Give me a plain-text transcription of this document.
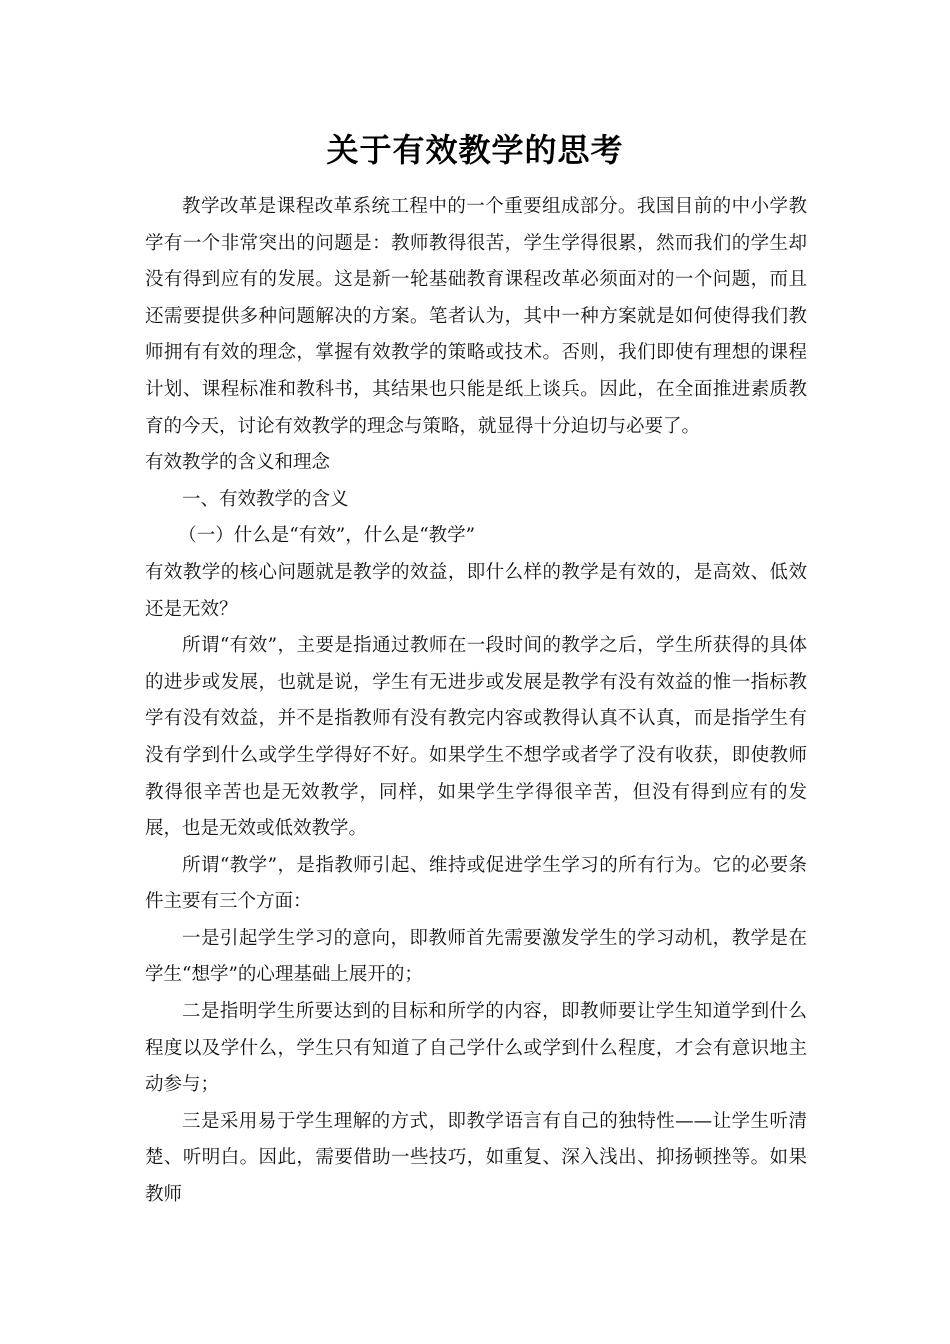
关于有效教学的思考

教学改革是课程改革系统工程中的一个重要组成部分。我国目前的中小学教学有一个非常突出的问题是：教师教得很苦，学生学得很累，然而我们的学生却没有得到应有的发展。这是新一轮基础教育课程改革必须面对的一个问题，而且还需要提供多种问题解决的方案。笔者认为，其中一种方案就是如何使得我们教师拥有有效的理念，掌握有效教学的策略或技术。否则，我们即使有理想的课程计划、课程标准和教科书，其结果也只能是纸上谈兵。因此，在全面推进素质教育的今天，讨论有效教学的理念与策略，就显得十分迫切与必要了。

有效教学的含义和理念

一、有效教学的含义

（一）什么是“有效”，什么是“教学”

有效教学的核心问题就是教学的效益，即什么样的教学是有效的，是高效、低效还是无效？

所谓“有效”，主要是指通过教师在一段时间的教学之后，学生所获得的具体的进步或发展，也就是说，学生有无进步或发展是教学有没有效益的惟一指标教学有没有效益，并不是指教师有没有教完内容或教得认真不认真，而是指学生有没有学到什么或学生学得好不好。如果学生不想学或者学了没有收获，即使教师教得很辛苦也是无效教学，同样，如果学生学得很辛苦，但没有得到应有的发展，也是无效或低效教学。

所谓“教学”，是指教师引起、维持或促进学生学习的所有行为。它的必要条件主要有三个方面：

一是引起学生学习的意向，即教师首先需要激发学生的学习动机，教学是在学生“想学”的心理基础上展开的；

二是指明学生所要达到的目标和所学的内容，即教师要让学生知道学到什么程度以及学什么，学生只有知道了自己学什么或学到什么程度，才会有意识地主动参与；

三是采用易于学生理解的方式，即教学语言有自己的独特性——让学生听清楚、听明白。因此，需要借助一些技巧，如重复、深入浅出、抑扬顿挫等。如果教师
